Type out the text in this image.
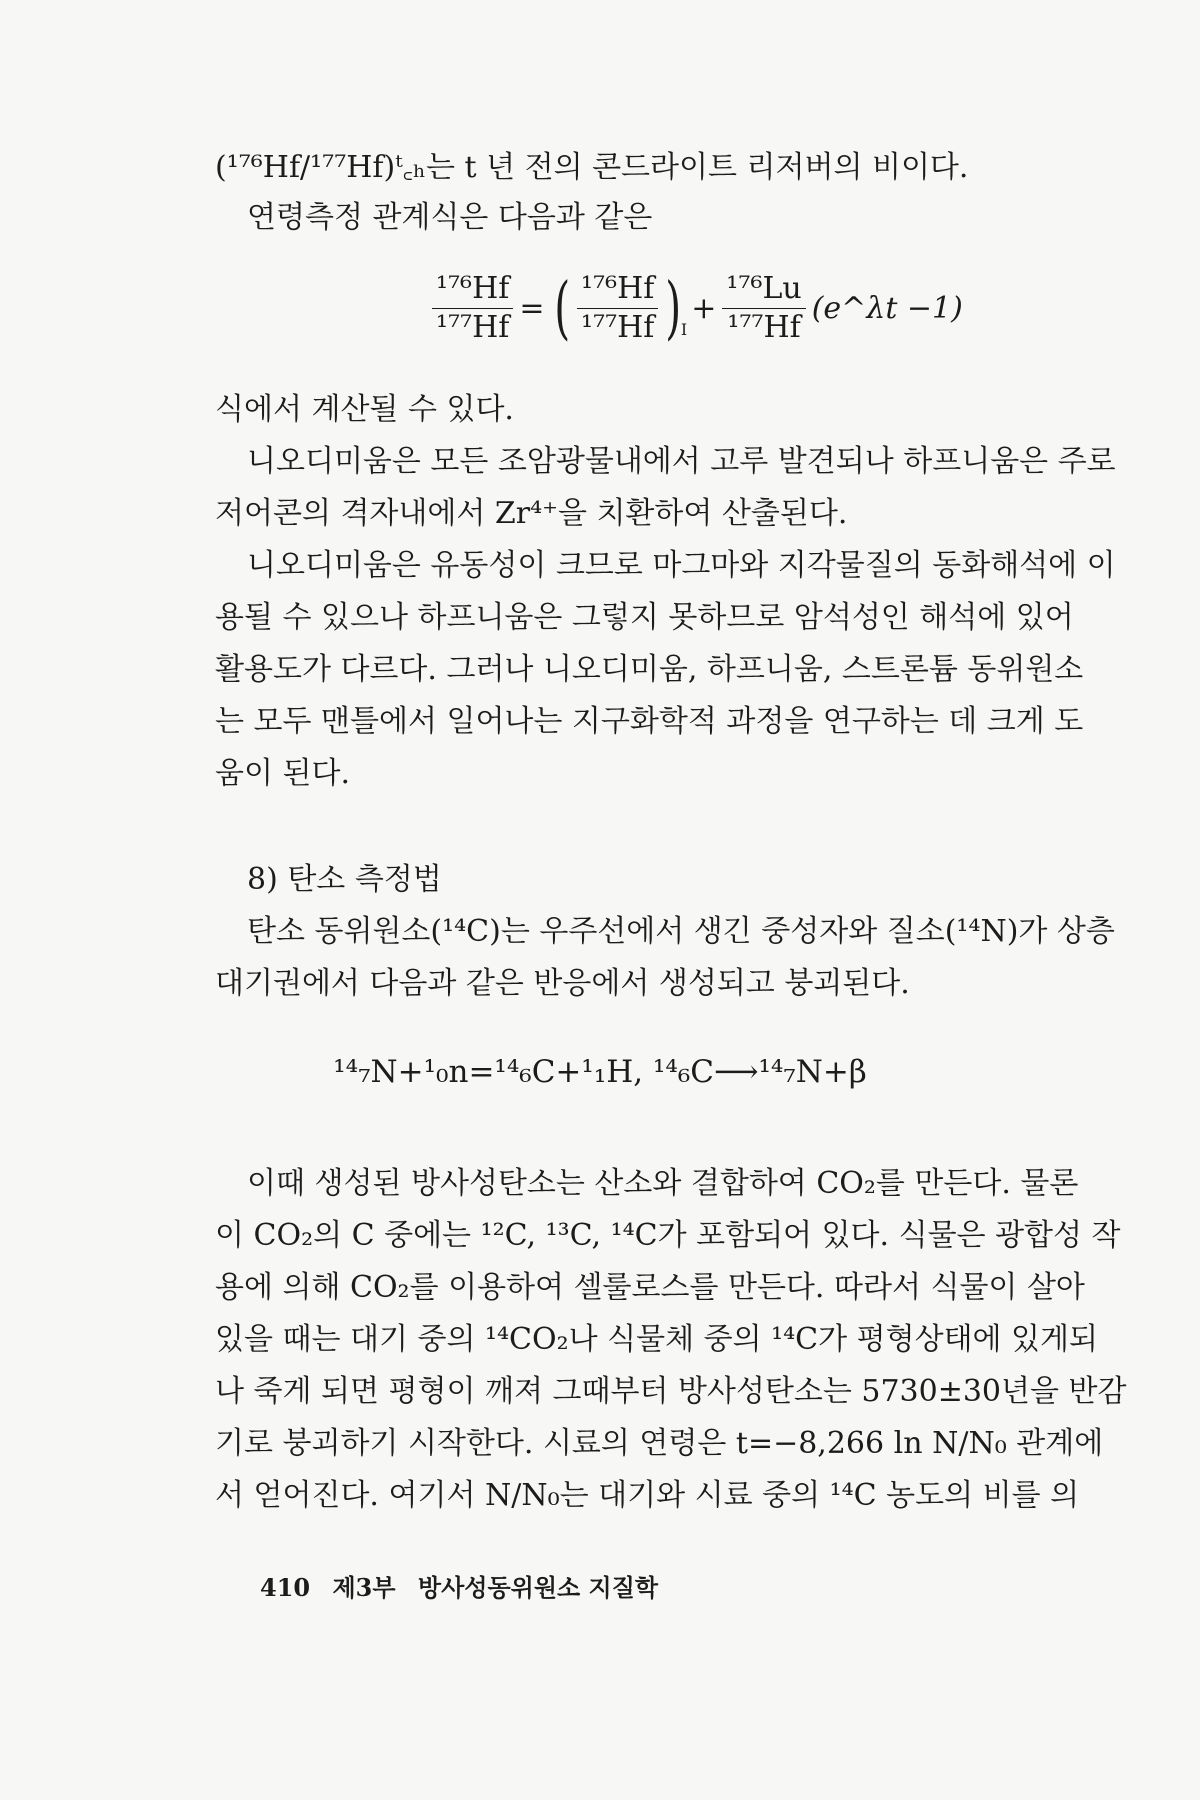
(¹⁷⁶Hf/¹⁷⁷Hf)ᵗ꜀ₕ는 t 년 전의 콘드라이트 리저버의 비이다.
연령측정 관계식은 다음과 같은
$\frac{\text{¹⁷⁶Hf}}{\text{¹⁷⁷Hf}}$ = ( $\frac{\text{¹⁷⁶Hf}}{\text{¹⁷⁷Hf}} )_I$
+ $\frac{\text{¹⁷⁶Lu}}{\text{¹⁷⁷Hf}}$ (e^λt −1)
식에서 계산될 수 있다.
니오디미움은 모든 조암광물내에서 고루 발견되나 하프니움은 주로
저어콘의 격자내에서 Zr⁴⁺을 치환하여 산출된다.
니오디미움은 유동성이 크므로 마그마와 지각물질의 동화해석에 이
용될 수 있으나 하프니움은 그렇지 못하므로 암석성인 해석에 있어
활용도가 다르다. 그러나 니오디미움, 하프니움, 스트론튬 동위원소
는 모두 맨틀에서 일어나는 지구화학적 과정을 연구하는 데 크게 도
움이 된다.
8) 탄소 측정법
탄소 동위원소(¹⁴C)는 우주선에서 생긴 중성자와 질소(¹⁴N)가 상층
대기권에서 다음과 같은 반응에서 생성되고 붕괴된다.
¹⁴₇N+¹₀n=¹⁴₆C+¹₁H, ¹⁴₆C⟶¹⁴₇N+β
이때 생성된 방사성탄소는 산소와 결합하여 CO₂를 만든다. 물론
이 CO₂의 C 중에는 ¹²C, ¹³C, ¹⁴C가 포함되어 있다. 식물은 광합성 작
용에 의해 CO₂를 이용하여 셀룰로스를 만든다. 따라서 식물이 살아
있을 때는 대기 중의 ¹⁴CO₂나 식물체 중의 ¹⁴C가 평형상태에 있게되
나 죽게 되면 평형이 깨져 그때부터 방사성탄소는 5730±30년을 반감
기로 붕괴하기 시작한다. 시료의 연령은 t=−8,266 ln N/N₀ 관계에
서 얻어진다. 여기서 N/N₀는 대기와 시료 중의 ¹⁴C 농도의 비를 의
410 제3부 방사성동위원소 지질학
